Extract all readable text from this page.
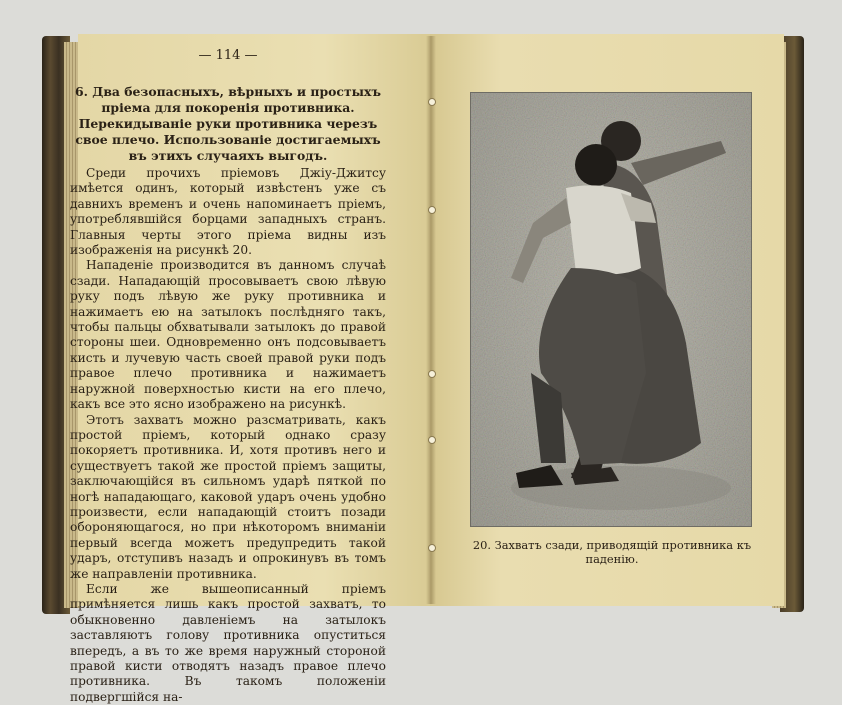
— 114 —
6. Два безопасныхъ, вѣрныхъ и простыхъ пріема для покоренія противника. Перекидываніе руки противника черезъ свое плечо. Использованіе достигаемыхъ въ этихъ случаяхъ выгодъ.

Среди прочихъ пріемовъ Джіу-Джитсу имѣется одинъ, который извѣстенъ уже съ давнихъ временъ и очень напоминаетъ пріемъ, употреблявшійся борцами западныхъ странъ. Главныя черты этого пріема видны изъ изображенія на рисункѣ 20.

Нападеніе производится въ данномъ случаѣ сзади. Нападающій просовываетъ свою лѣвую руку подъ лѣвую же руку противника и нажимаетъ ею на затылокъ послѣдняго такъ, чтобы пальцы обхватывали затылокъ до правой стороны шеи. Одновременно онъ подсовываетъ кисть и лучевую часть своей правой руки подъ правое плечо противника и нажимаетъ наружной поверхностью кисти на его плечо, какъ все это ясно изображено на рисункѣ.

Этотъ захватъ можно разсматривать, какъ простой пріемъ, который однако сразу покоряетъ противника. И, хотя противъ него и существуетъ такой же простой пріемъ защиты, заключающійся въ сильномъ ударѣ пяткой по ногѣ нападающаго, каковой ударъ очень удобно произвести, если нападающій стоитъ позади обороняющагося, но при нѣкоторомъ вниманіи первый всегда можетъ предупредить такой ударъ, отступивъ назадъ и опрокинувъ въ томъ же направленіи противника.

Если же вышеописанный пріемъ примѣняется лишь какъ простой захватъ, то обыкновенно давленіемъ на затылокъ заставляютъ голову противника опуститься впередъ, а въ то же время наружный стороной правой кисти отводятъ назадъ правое плечо противника. Въ такомъ положеніи подвергшійся на-

20. Захватъ сзади, приводящій противника къ паденію.
